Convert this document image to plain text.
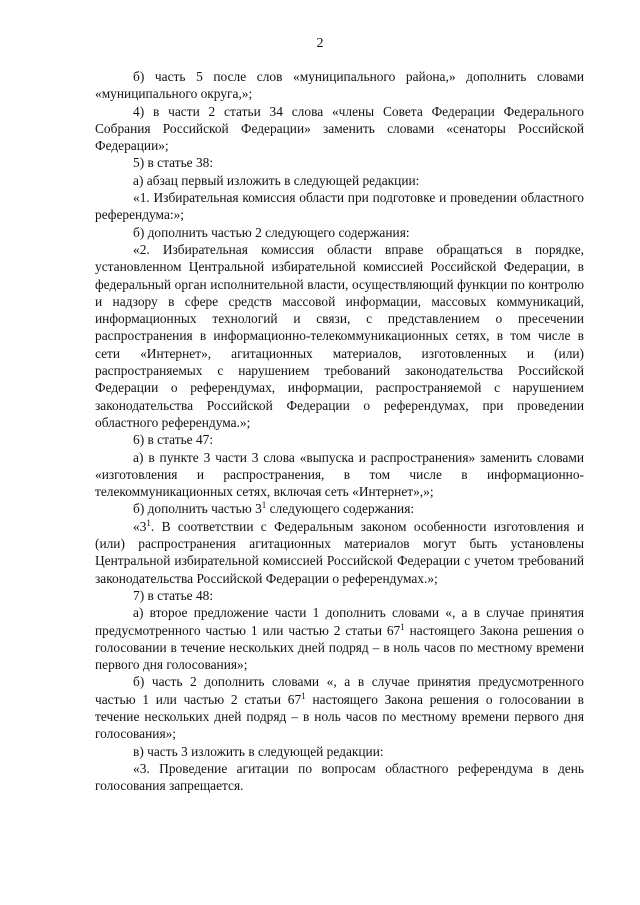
2

б) часть 5 после слов «муниципального района,» дополнить словами «муниципального округа,»;

4) в части 2 статьи 34 слова «члены Совета Федерации Федерального Собрания Российской Федерации» заменить словами «сенаторы Российской Федерации»;

5) в статье 38:

а) абзац первый изложить в следующей редакции:

«1. Избирательная комиссия области при подготовке и проведении областного референдума:»;

б) дополнить частью 2 следующего содержания:

«2. Избирательная комиссия области вправе обращаться в порядке, установленном Центральной избирательной комиссией Российской Федерации, в федеральный орган исполнительной власти, осуществляющий функции по контролю и надзору в сфере средств массовой информации, массовых коммуникаций, информационных технологий и связи, с представлением о пресечении распространения в информационно-телекоммуникационных сетях, в том числе в сети «Интернет», агитационных материалов, изготовленных и (или) распространяемых с нарушением требований законодательства Российской Федерации о референдумах, информации, распространяемой с нарушением законодательства Российской Федерации о референдумах, при проведении областного референдума.»;

6) в статье 47:

а) в пункте 3 части 3 слова «выпуска и распространения» заменить словами «изготовления и распространения, в том числе в информационно-телекоммуникационных сетях, включая сеть «Интернет»,»;

б) дополнить частью $3^1$ следующего содержания:

«$3^1$. В соответствии с Федеральным законом особенности изготовления и (или) распространения агитационных материалов могут быть установлены Центральной избирательной комиссией Российской Федерации с учетом требований законодательства Российской Федерации о референдумах.»;

7) в статье 48:

а) второе предложение части 1 дополнить словами «, а в случае принятия предусмотренного частью 1 или частью 2 статьи $67^1$ настоящего Закона решения о голосовании в течение нескольких дней подряд – в ноль часов по местному времени первого дня голосования»;

б) часть 2 дополнить словами «, а в случае принятия предусмотренного частью 1 или частью 2 статьи $67^1$ настоящего Закона решения о голосовании в течение нескольких дней подряд – в ноль часов по местному времени первого дня голосования»;

в) часть 3 изложить в следующей редакции:

«3. Проведение агитации по вопросам областного референдума в день голосования запрещается.
